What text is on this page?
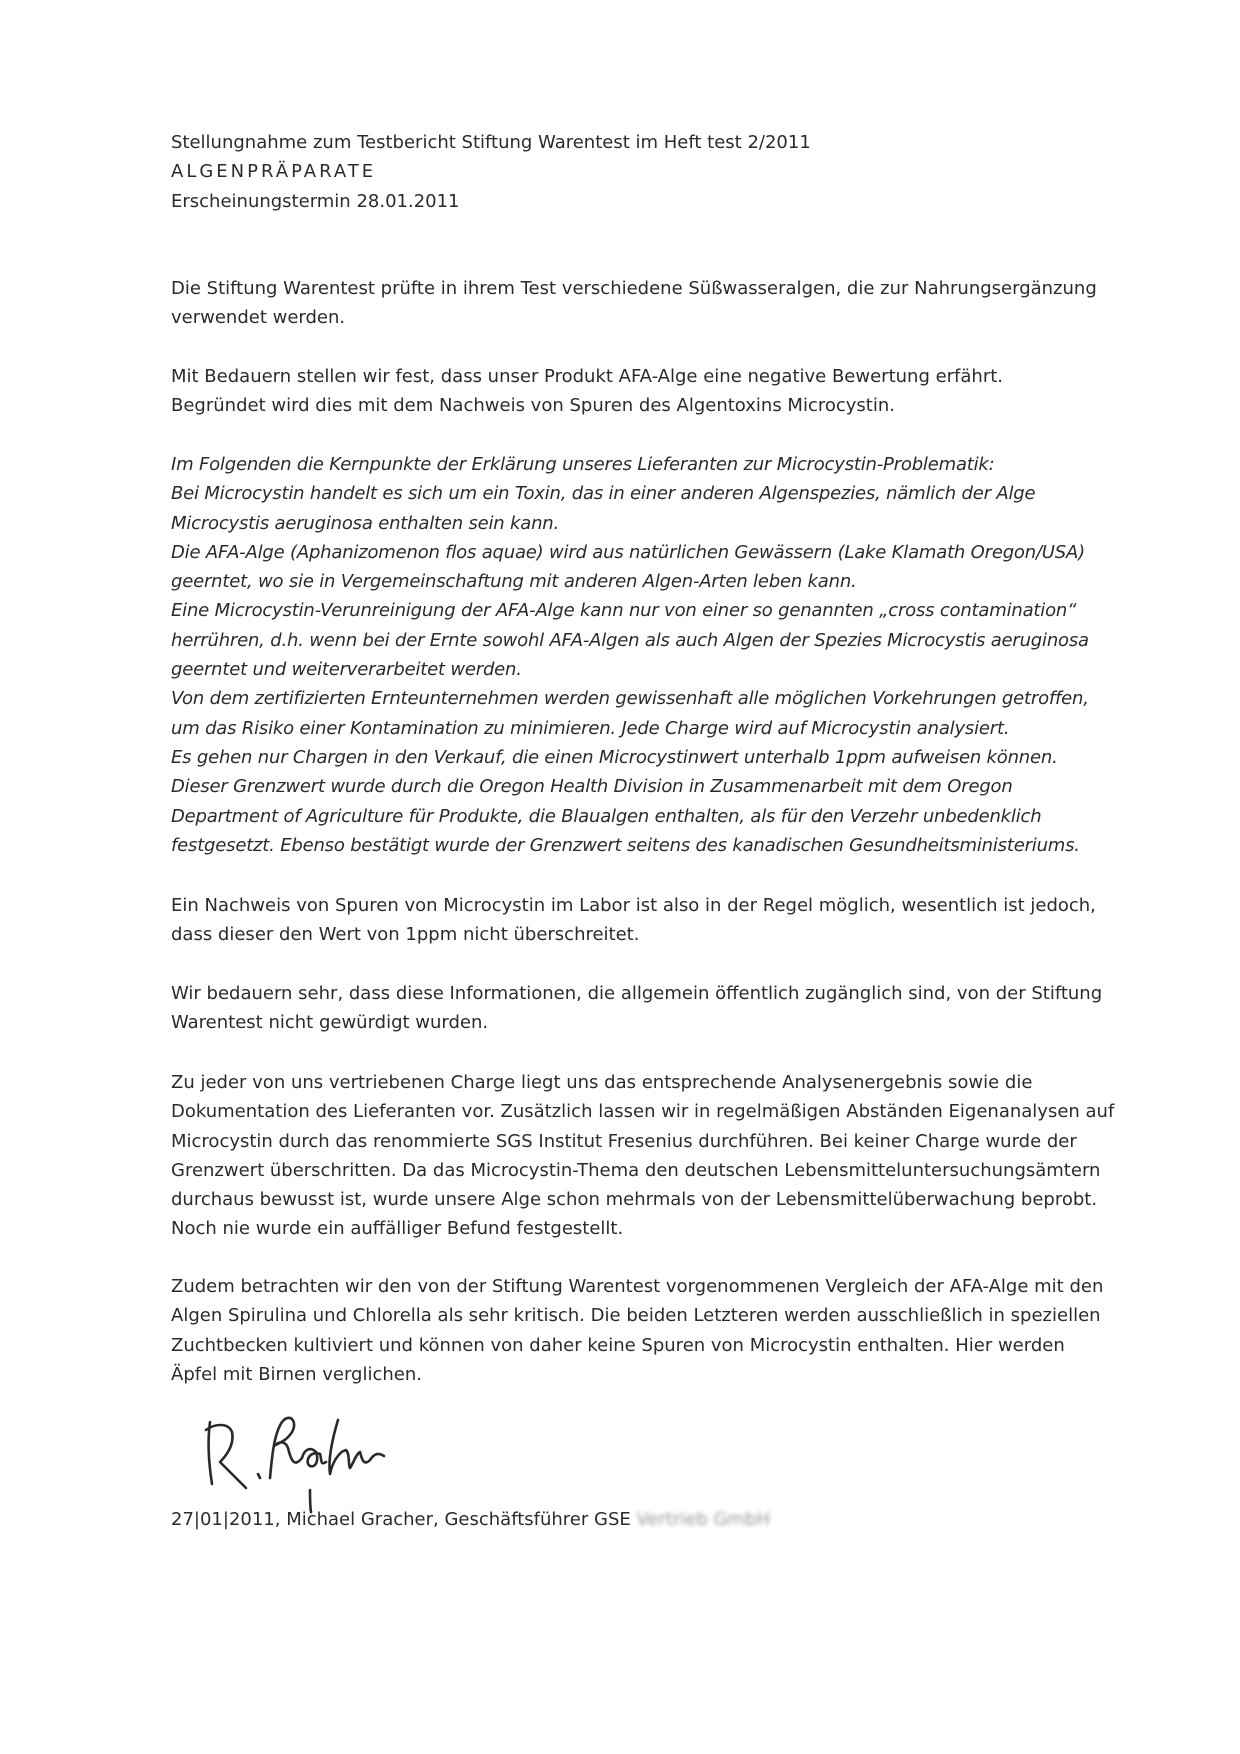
Stellungnahme zum Testbericht Stiftung Warentest im Heft test 2/2011
ALGENPRÄPARATE
Erscheinungstermin 28.01.2011
Die Stiftung Warentest prüfte in ihrem Test verschiedene Süßwasseralgen, die zur Nahrungsergänzung
verwendet werden.
Mit Bedauern stellen wir fest, dass unser Produkt AFA-Alge eine negative Bewertung erfährt.
Begründet wird dies mit dem Nachweis von Spuren des Algentoxins Microcystin.
Im Folgenden die Kernpunkte der Erklärung unseres Lieferanten zur Microcystin-Problematik:
Bei Microcystin handelt es sich um ein Toxin, das in einer anderen Algenspezies, nämlich der Alge
Microcystis aeruginosa enthalten sein kann.
Die AFA-Alge (Aphanizomenon flos aquae) wird aus natürlichen Gewässern (Lake Klamath Oregon/USA)
geerntet, wo sie in Vergemeinschaftung mit anderen Algen-Arten leben kann.
Eine Microcystin-Verunreinigung der AFA-Alge kann nur von einer so genannten „cross contamination“
herrühren, d.h. wenn bei der Ernte sowohl AFA-Algen als auch Algen der Spezies Microcystis aeruginosa
geerntet und weiterverarbeitet werden.
Von dem zertifizierten Ernteunternehmen werden gewissenhaft alle möglichen Vorkehrungen getroffen,
um das Risiko einer Kontamination zu minimieren. Jede Charge wird auf Microcystin analysiert.
Es gehen nur Chargen in den Verkauf, die einen Microcystinwert unterhalb 1ppm aufweisen können.
Dieser Grenzwert wurde durch die Oregon Health Division in Zusammenarbeit mit dem Oregon
Department of Agriculture für Produkte, die Blaualgen enthalten, als für den Verzehr unbedenklich
festgesetzt. Ebenso bestätigt wurde der Grenzwert seitens des kanadischen Gesundheitsministeriums.
Ein Nachweis von Spuren von Microcystin im Labor ist also in der Regel möglich, wesentlich ist jedoch,
dass dieser den Wert von 1ppm nicht überschreitet.
Wir bedauern sehr, dass diese Informationen, die allgemein öffentlich zugänglich sind, von der Stiftung
Warentest nicht gewürdigt wurden.
Zu jeder von uns vertriebenen Charge liegt uns das entsprechende Analysenergebnis sowie die
Dokumentation des Lieferanten vor. Zusätzlich lassen wir in regelmäßigen Abständen Eigenanalysen auf
Microcystin durch das renommierte SGS Institut Fresenius durchführen. Bei keiner Charge wurde der
Grenzwert überschritten. Da das Microcystin-Thema den deutschen Lebensmitteluntersuchungsämtern
durchaus bewusst ist, wurde unsere Alge schon mehrmals von der Lebensmittelüberwachung beprobt.
Noch nie wurde ein auffälliger Befund festgestellt.
Zudem betrachten wir den von der Stiftung Warentest vorgenommenen Vergleich der AFA-Alge mit den
Algen Spirulina und Chlorella als sehr kritisch. Die beiden Letzteren werden ausschließlich in speziellen
Zuchtbecken kultiviert und können von daher keine Spuren von Microcystin enthalten. Hier werden
Äpfel mit Birnen verglichen.
27|01|2011, Michael Gracher, Geschäftsführer GSE Vertrieb GmbH
